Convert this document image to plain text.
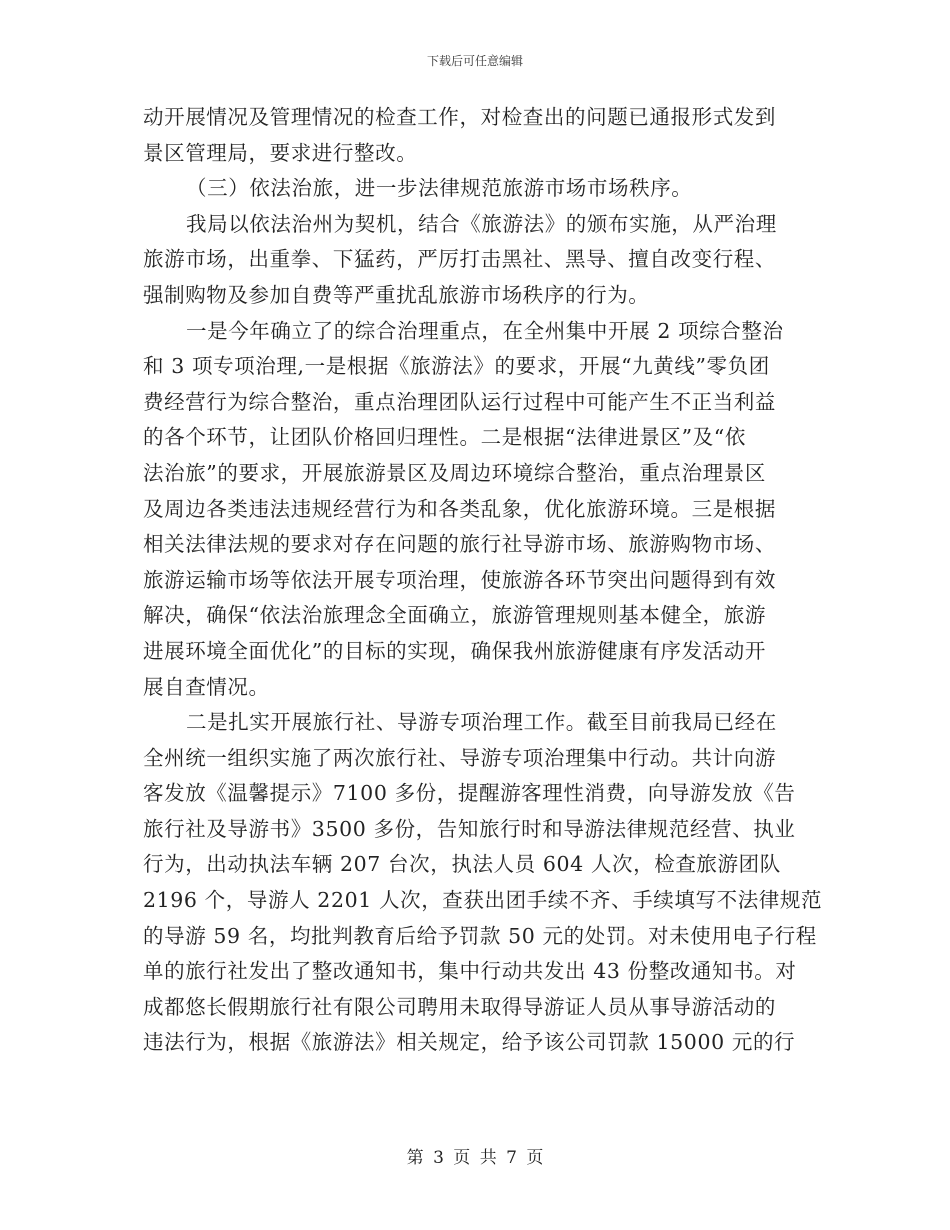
下载后可任意编辑
动开展情况及管理情况的检查工作，对检查出的问题已通报形式发到
景区管理局，要求进行整改。
（三）依法治旅，进一步法律规范旅游市场市场秩序。
我局以依法治州为契机，结合《旅游法》的颁布实施，从严治理
旅游市场，出重拳、下猛药，严厉打击黑社、黑导、擅自改变行程、
强制购物及参加自费等严重扰乱旅游市场秩序的行为。
一是今年确立了的综合治理重点，在全州集中开展 2 项综合整治
和 3 项专项治理,一是根据《旅游法》的要求，开展“九黄线”零负团
费经营行为综合整治，重点治理团队运行过程中可能产生不正当利益
的各个环节，让团队价格回归理性。二是根据“法律进景区”及“依
法治旅”的要求，开展旅游景区及周边环境综合整治，重点治理景区
及周边各类违法违规经营行为和各类乱象，优化旅游环境。三是根据
相关法律法规的要求对存在问题的旅行社导游市场、旅游购物市场、
旅游运输市场等依法开展专项治理，使旅游各环节突出问题得到有效
解决，确保“依法治旅理念全面确立，旅游管理规则基本健全，旅游
进展环境全面优化”的目标的实现，确保我州旅游健康有序发活动开
展自查情况。
二是扎实开展旅行社、导游专项治理工作。截至目前我局已经在
全州统一组织实施了两次旅行社、导游专项治理集中行动。共计向游
客发放《温馨提示》7100 多份，提醒游客理性消费，向导游发放《告
旅行社及导游书》3500 多份，告知旅行时和导游法律规范经营、执业
行为，出动执法车辆 207 台次，执法人员 604 人次，检查旅游团队
2196 个，导游人 2201 人次，查获出团手续不齐、手续填写不法律规范
的导游 59 名，均批判教育后给予罚款 50 元的处罚。对未使用电子行程
单的旅行社发出了整改通知书，集中行动共发出 43 份整改通知书。对
成都悠长假期旅行社有限公司聘用未取得导游证人员从事导游活动的
违法行为，根据《旅游法》相关规定，给予该公司罚款 15000 元的行
第 3 页 共 7 页
